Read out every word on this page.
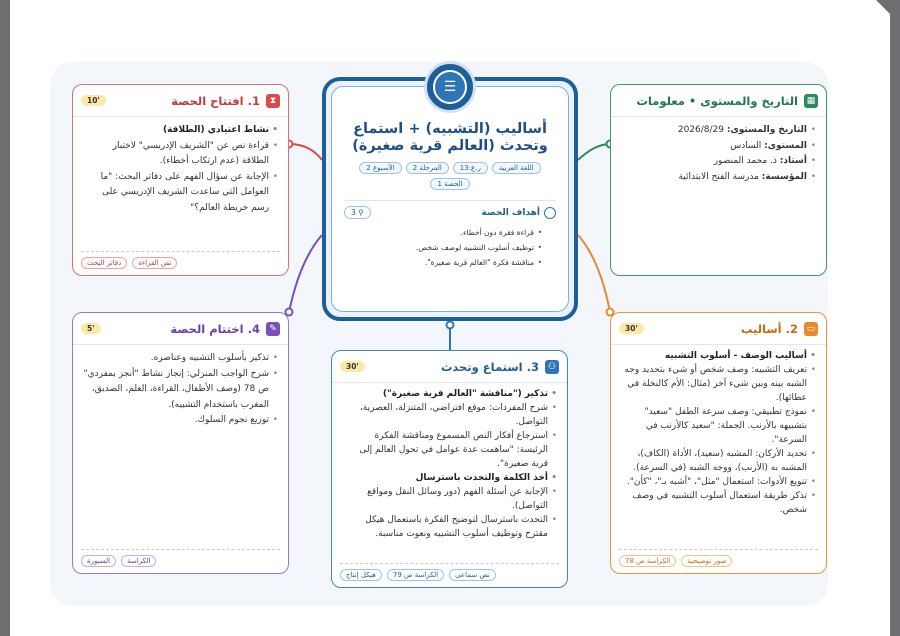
⧗
1. افتتاح الحصة
10'
• نشاط اعتيادي (الطلاقة)
• قراءة نص عن "الشريف الإدريسي" لاختبار الطلاقة (عدم ارتكاب أخطاء).
• الإجابة عن سؤال الفهم على دفاتر البحث: "ما العوامل التي ساعدت الشريف الإدريسي على رسم خريطة العالم؟"
دفاتر البحث	نص القراءة
▦
التاريخ والمستوى • معلومات
• التاريخ والمستوى: 2026/8/29
• المستوى: السادس
• أستاذ: ذ. محمد المنصور
• المؤسسة: مدرسة الفتح الابتدائية
✎
4. اختتام الحصة
5'
• تذكير بأسلوب التشبيه وعناصره.
• شرح الواجب المنزلي: إنجاز نشاط "أنجز بمفردي" ص 78 (وصف الأطفال، القراءة، العلم، الصديق، المغرب باستخدام التشبيه).
• توزيع نجوم السلوك.
السبورة	الكراسة
▭
2. أساليب
30'
• أساليب الوصف - أسلوب التشبيه
• تعريف التشبيه: وصف شخص أو شيء بتحديد وجه الشبه بينه وبين شيء آخر (مثال: الأم كالنخلة في عطائها).
• نموذج تطبيقي: وصف سرعة الطفل "سعيد" بتشبيهه بالأرنب. الجملة: "سعيد كالأرنب في السرعة".
• تحديد الأركان: المشبه (سعيد)، الأداة (الكاف)، المشبه به (الأرنب)، ووجه الشبه (في السرعة).
• تنويع الأدوات: استعمال "مثل"، "أشبه بـ"، "كأن".
• تذكر طريقة استعمال أسلوب التشبيه في وصف شخص.
الكراسة ص 78	صور توضيحية
⚇
3. استماع وتحدث
30'
• تذكير ("مناقشة "العالم قرية صغيرة")
• شرح المفردات: موقع افتراضي، المتنزلة، العصرية، التواصل.
• استرجاع أفكار النص المسموع ومناقشة الفكرة الرئيسة: "ساهمت عدة عوامل في تحول العالم إلى قرية صغيرة".
• أخذ الكلمة والتحدث باسترسال
• الإجابة عن أسئلة الفهم (دور وسائل النقل ومواقع التواصل).
• التحدث باسترسال لتوضيح الفكرة باستعمال هيكل مقترح وتوظيف أسلوب التشبيه ونعوت مناسبة.
هيكل إنتاج	الكراسة ص 79	نص سماعي
أساليب (التشبيه) + استماع
وتحدث (العالم قرية صغيرة)
اللغة العربية
ر.ع:13
المرحلة 2
الأسبوع 2
الحصة 1
أهداف الحصة
3 ⚲
• قراءة فقرة دون أخطاء.
• توظيف أسلوب التشبيه لوصف شخص.
• مناقشة فكرة "العالم قرية صغيرة".
☰
